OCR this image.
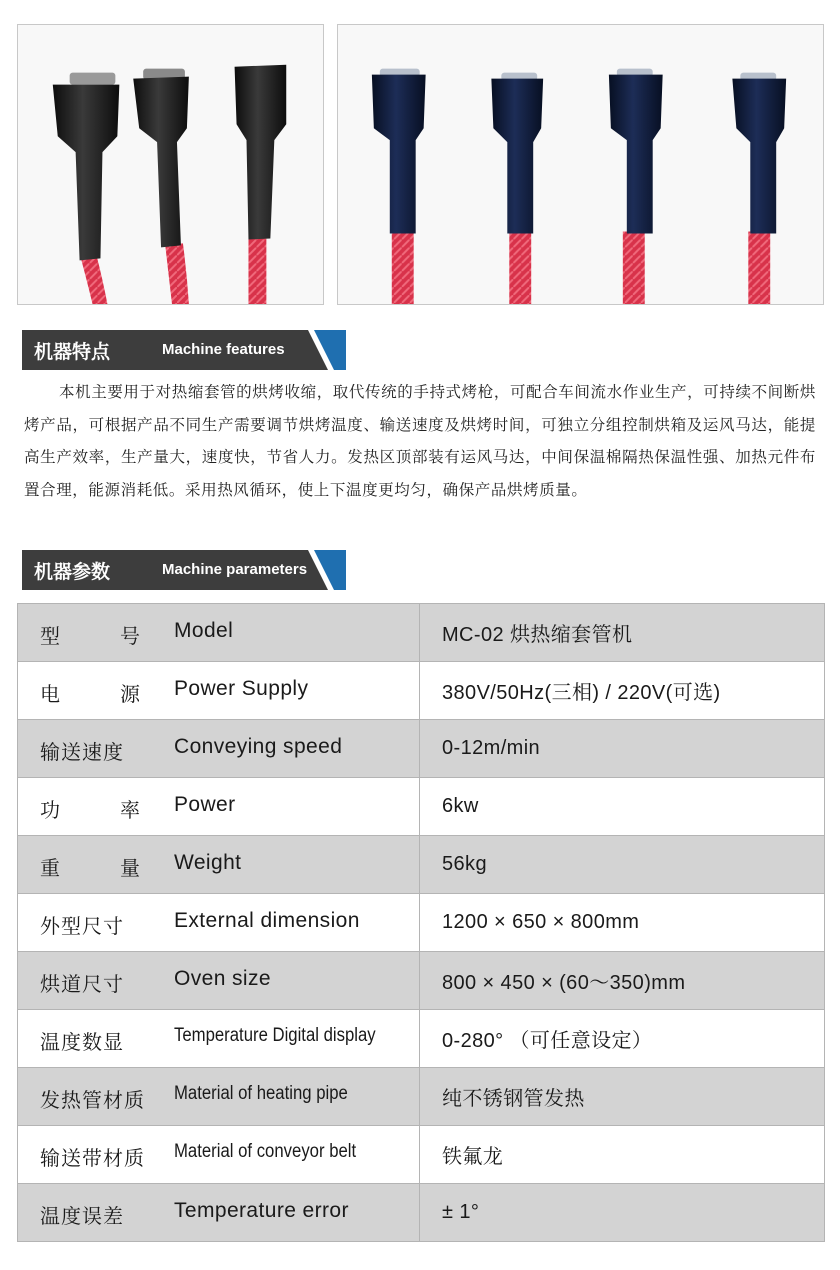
机器特点	Machine features

本机主要用于对热缩套管的烘烤收缩，取代传统的手持式烤枪，可配合车间流水作业生产，可持续不间断烘烤产品，可根据产品不同生产需要调节烘烤温度、输送速度及烘烤时间，可独立分组控制烘箱及运风马达，能提高生产效率，生产量大，速度快，节省人力。发热区顶部装有运风马达，中间保温棉隔热保温性强、加热元件布置合理，能源消耗低。采用热风循环，使上下温度更均匀，确保产品烘烤质量。

机器参数	Machine parameters
型 号 Model	MC-02 烘热缩套管机

电 源 Power Supply	380V/50Hz(三相) / 220V(可选)

输送速度 Conveying speed	0-12m/min

功 率 Power	6kw

重 量 Weight	56kg

外型尺寸 External dimension	1200 × 650 × 800mm

烘道尺寸 Oven size	800 × 450 × (60～350)mm

温度数显 Temperature Digital display	0-280° （可任意设定）

发热管材质 Material of heating pipe	纯不锈钢管发热

输送带材质 Material of conveyor belt	铁氟龙

温度误差 Temperature error	± 1°
